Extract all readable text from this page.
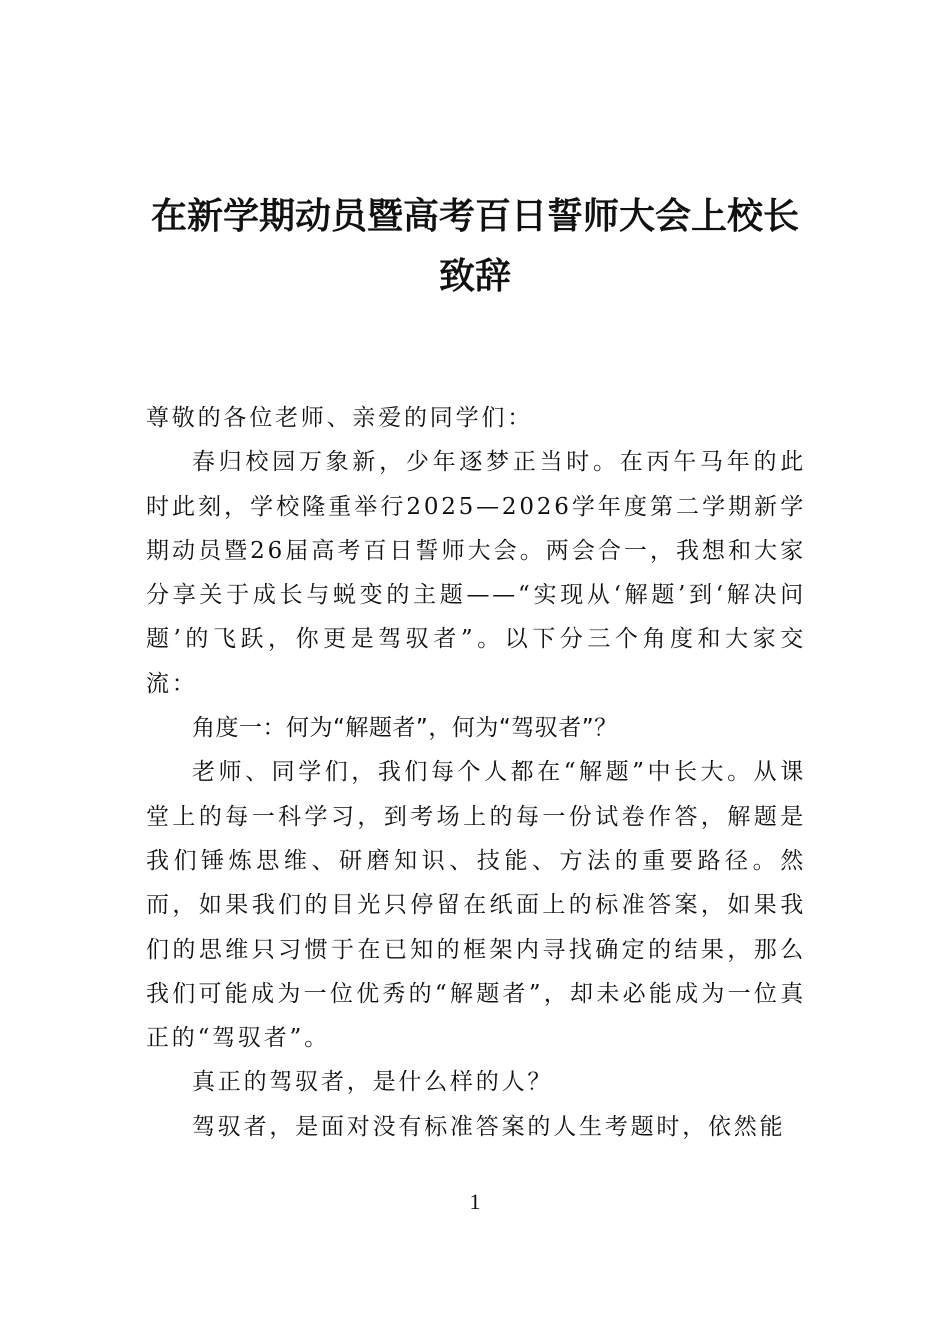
在新学期动员暨高考百日誓师大会上校长
致辞

尊敬的各位老师、亲爱的同学们：

春归校园万象新，少年逐梦正当时。在丙午马年的此时此刻，学校隆重举行2025—2026学年度第二学期新学期动员暨26届高考百日誓师大会。两会合一，我想和大家分享关于成长与蜕变的主题——“实现从‘解题’到‘解决问题’的飞跃，你更是驾驭者”。以下分三个角度和大家交流：

角度一：何为“解题者”，何为“驾驭者”？

老师、同学们，我们每个人都在“解题”中长大。从课堂上的每一科学习，到考场上的每一份试卷作答，解题是我们锤炼思维、研磨知识、技能、方法的重要路径。然而，如果我们的目光只停留在纸面上的标准答案，如果我们的思维只习惯于在已知的框架内寻找确定的结果，那么我们可能成为一位优秀的“解题者”，却未必能成为一位真正的“驾驭者”。

真正的驾驭者，是什么样的人？

驾驭者，是面对没有标准答案的人生考题时，依然能

1
